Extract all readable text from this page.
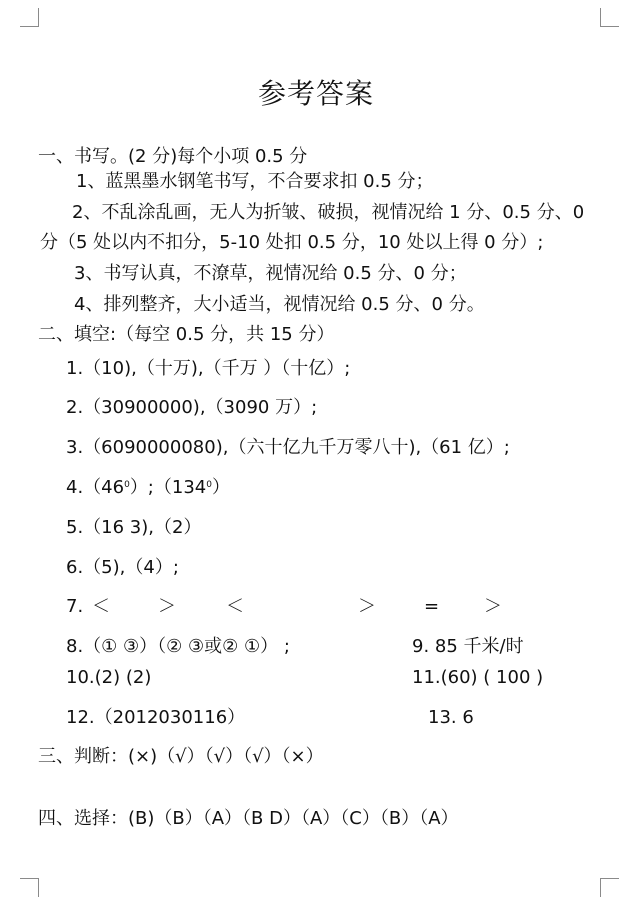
参考答案
一、书写。(2 分)每个小项 0.5 分
1、蓝黑墨水钢笔书写，不合要求扣 0.5 分；
2、不乱涂乱画，无人为折皱、破损，视情况给 1 分、0.5 分、0
分（5 处以内不扣分，5-10 处扣 0.5 分，10 处以上得 0 分）;
3、书写认真，不潦草，视情况给 0.5 分、0 分；
4、排列整齐，大小适当，视情况给 0.5 分、0 分。
二、填空:（每空 0.5 分，共 15 分）
1.（10),（十万),（千万 ）（十亿）;
2.（30900000),（3090 万）;
3.（6090000080),（六十亿九千万零八十),（61 亿）;
$4.(46^0);(134^0)$
5.（16 3),（2）
6.（5),（4）;
7. ＜	＞	＜	＞	= ＞
8.（① ③）（② ③或② ①） ;	9. 85 千米/时
10.(2) (2)	11.(60) ( 100 )
12.（2012030116）	13. 6
三、判断：(×)（√）（√）（√）（×）
四、选择：(B)（B）（A）（B D）（A）（C）（B）（A）
